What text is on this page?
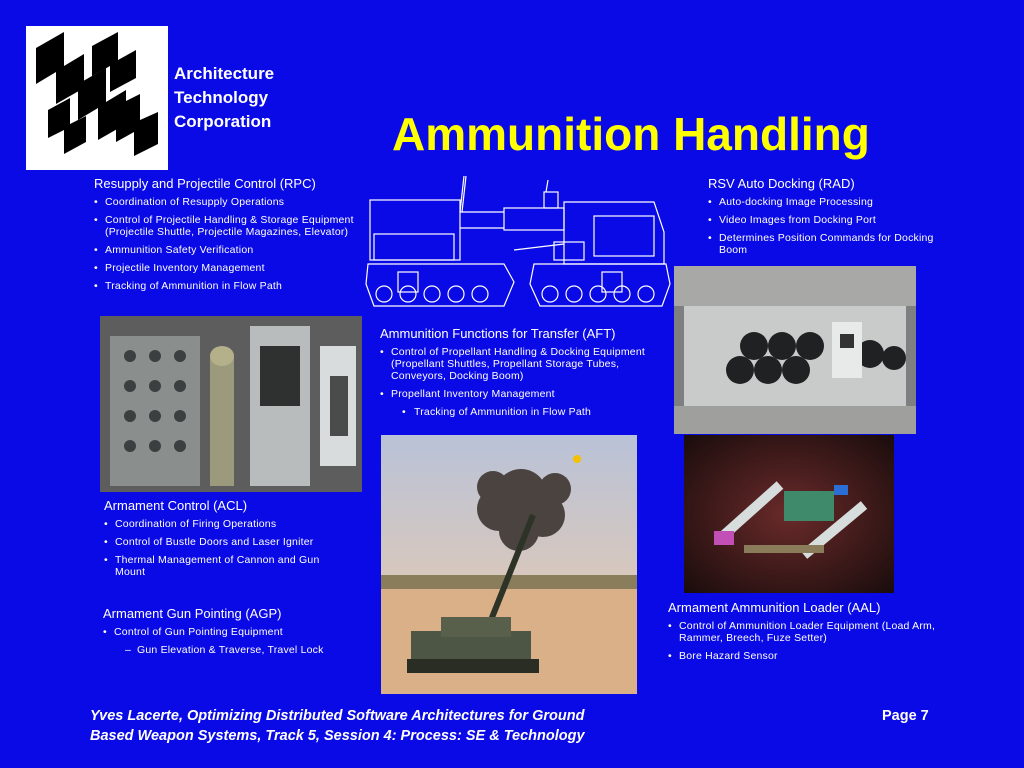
Architecture
Technology
Corporation	Ammunition Handling
Resupply and Projectile Control (RPC)
• Coordination of Resupply Operations
• Control of Projectile Handling & Storage Equipment (Projectile Shuttle, Projectile Magazines, Elevator)
• Ammunition Safety Verification
• Projectile Inventory Management
• Tracking of Ammunition in Flow Path
RSV Auto Docking (RAD)
• Auto-docking Image Processing
• Video Images from Docking Port
• Determines Position Commands for Docking Boom
Ammunition Functions for Transfer (AFT)
• Control of Propellant Handling & Docking Equipment (Propellant Shuttles, Propellant Storage Tubes, Conveyors, Docking Boom)
• Propellant Inventory Management
• Tracking of Ammunition in Flow Path
Armament Control (ACL)
• Coordination of Firing Operations
• Control of Bustle Doors and Laser Igniter
• Thermal Management of Cannon and Gun Mount
Armament Gun Pointing (AGP)
• Control of Gun Pointing Equipment
– Gun Elevation & Traverse, Travel Lock
Armament Ammunition Loader (AAL)
• Control of Ammunition Loader Equipment (Load Arm, Rammer, Breech, Fuze Setter)
• Bore Hazard Sensor
Yves Lacerte, Optimizing Distributed Software Architectures for Ground
Based Weapon Systems, Track 5, Session 4: Process: SE & Technology
Page 7
